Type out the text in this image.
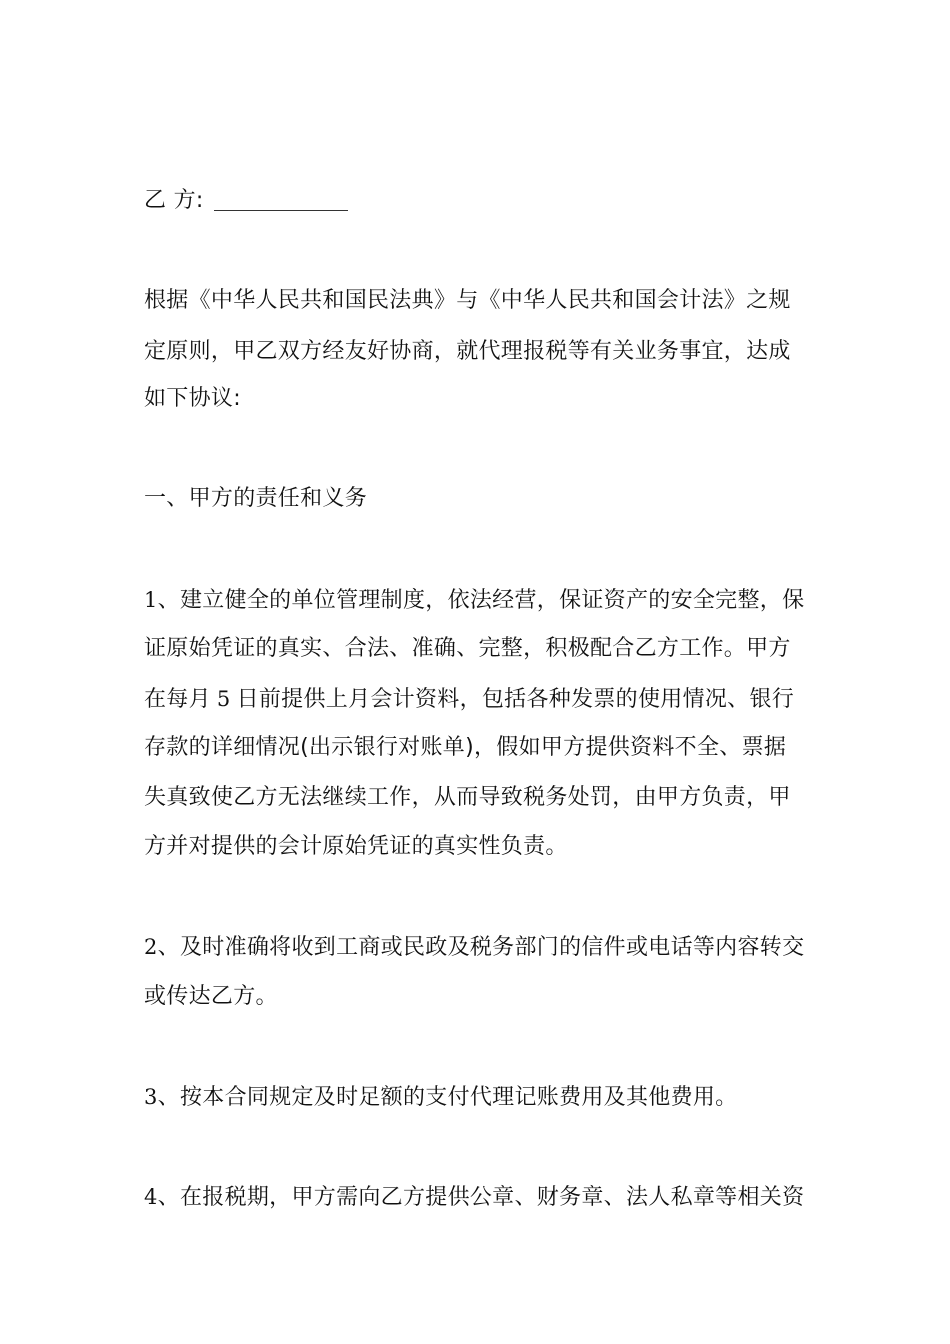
乙 方:
根据《中华人民共和国民法典》与《中华人民共和国会计法》之规
定原则，甲乙双方经友好协商，就代理报税等有关业务事宜，达成
如下协议:
一、甲方的责任和义务
1、建立健全的单位管理制度，依法经营，保证资产的安全完整，保
证原始凭证的真实、合法、准确、完整，积极配合乙方工作。甲方
在每月 5 日前提供上月会计资料，包括各种发票的使用情况、银行
存款的详细情况(出示银行对账单)，假如甲方提供资料不全、票据
失真致使乙方无法继续工作，从而导致税务处罚，由甲方负责，甲
方并对提供的会计原始凭证的真实性负责。
2、及时准确将收到工商或民政及税务部门的信件或电话等内容转交
或传达乙方。
3、按本合同规定及时足额的支付代理记账费用及其他费用。
4、在报税期，甲方需向乙方提供公章、财务章、法人私章等相关资
